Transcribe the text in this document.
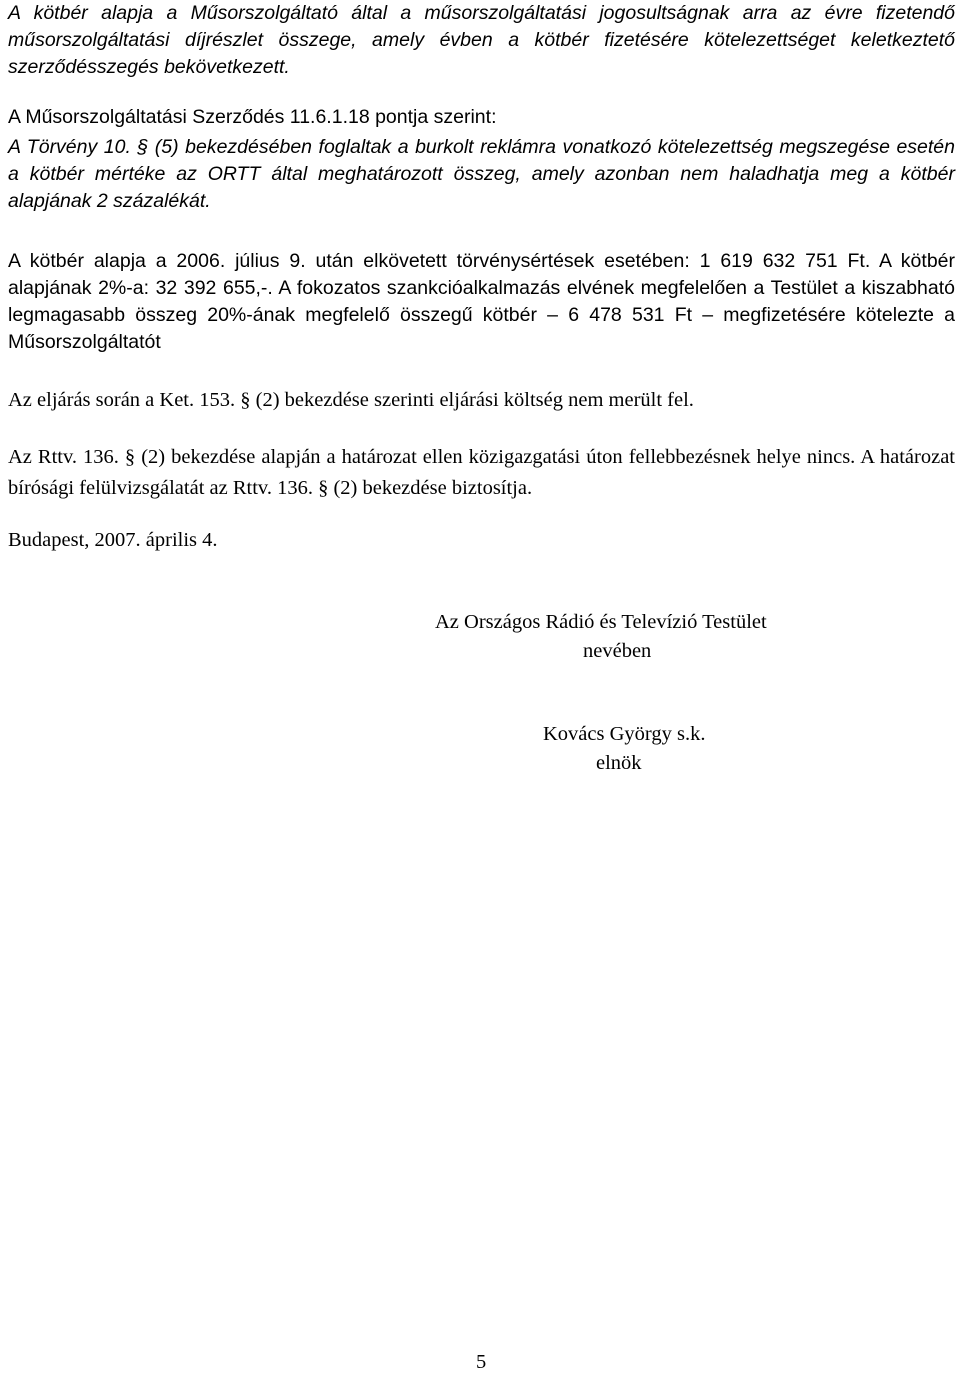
A kötbér alapja a Műsorszolgáltató által a műsorszolgáltatási jogosultságnak arra az évre fizetendő műsorszolgáltatási díjrészlet összege, amely évben a kötbér fizetésére kötelezettséget keletkeztető szerződésszegés bekövetkezett.

A Műsorszolgáltatási Szerződés 11.6.1.18 pontja szerint:

A Törvény 10. § (5) bekezdésében foglaltak a burkolt reklámra vonatkozó kötelezettség megszegése esetén a kötbér mértéke az ORTT által meghatározott összeg, amely azonban nem haladhatja meg a kötbér alapjának 2 százalékát.

A kötbér alapja a 2006. július 9. után elkövetett törvénysértések esetében: 1 619 632 751 Ft. A kötbér alapjának 2%-a: 32 392 655,-. A fokozatos szankcióalkalmazás elvének megfelelően a Testület a kiszabható legmagasabb összeg 20%-ának megfelelő összegű kötbér – 6 478 531 Ft – megfizetésére kötelezte a Műsorszolgáltatót

Az eljárás során a Ket. 153. § (2) bekezdése szerinti eljárási költség nem merült fel.

Az Rttv. 136. § (2) bekezdése alapján a határozat ellen közigazgatási úton fellebbezésnek helye nincs. A határozat bírósági felülvizsgálatát az Rttv. 136. § (2) bekezdése biztosítja.

Budapest, 2007. április 4.

Az Országos Rádió és Televízió Testület
nevében
Kovács György s.k.
elnök
5
